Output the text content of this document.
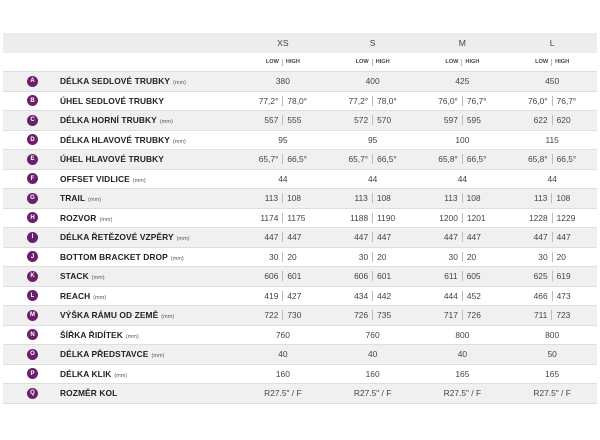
XS	S	M	L
LOW HIGH	LOW HIGH	LOW HIGH	LOW HIGH
A	DÉLKA SEDLOVÉ TRUBKY (mm)	380	400	425	450
B	ÚHEL SEDLOVÉ TRUBKY	77,2° 78,0°	77,2° 78,0°	76,0° 76,7°	76,0° 76,7°
C	DÉLKA HORNÍ TRUBKY (mm)	557 555	572 570	597 595	622 620
D	DÉLKA HLAVOVÉ TRUBKY (mm)	95	95	100	115
E	ÚHEL HLAVOVÉ TRUBKY	65,7° 66,5°	65,7° 66,5°	65,8° 66,5°	65,8° 66,5°
F	OFFSET VIDLICE (mm)	44	44	44	44
G	TRAIL (mm)	113 108	113 108	113 108	113 108
H	ROZVOR (mm)	1174 1175	1188 1190	1200 1201	1228 1229
I	DÉLKA ŘETĚZOVÉ VZPĚRY (mm)	447 447	447 447	447 447	447 447
J	BOTTOM BRACKET DROP (mm)	30 20	30 20	30 20	30 20
K	STACK (mm)	606 601	606 601	611 605	625 619
L	REACH (mm)	419 427	434 442	444 452	466 473
M	VÝŠKA RÁMU OD ZEMĚ (mm)	722 730	726 735	717 726	711 723
N	ŠÍŘKA ŘIDÍTEK (mm)	760	760	800	800
O	DÉLKA PŘEDSTAVCE (mm)	40	40	40	50
P	DÉLKA KLIK (mm)	160	160	165	165
Q	ROZMĚR KOL	R27.5" / F	R27.5" / F	R27.5" / F	R27.5" / F
